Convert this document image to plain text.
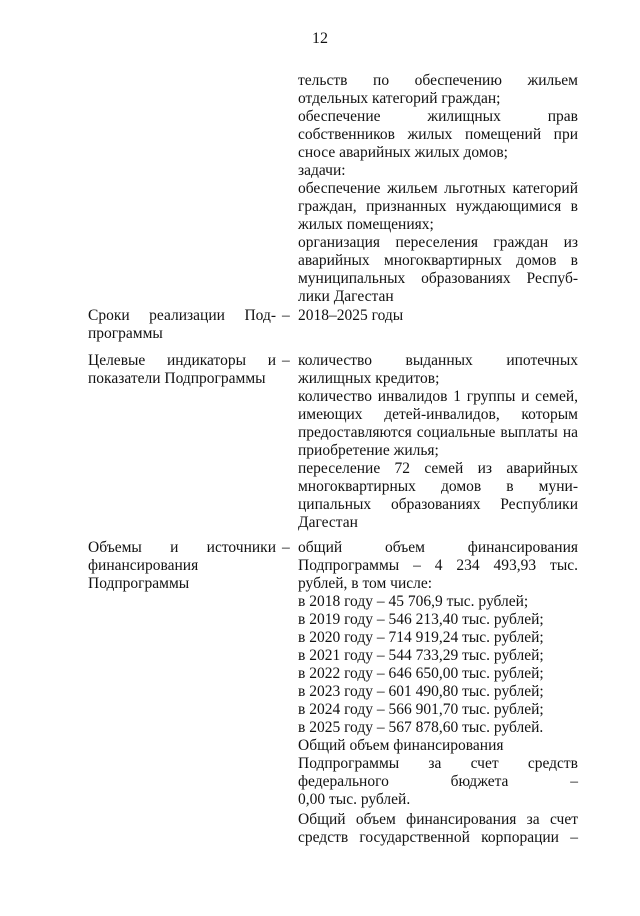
12
тельств по обеспечению жильем
отдельных категорий граждан;
обеспечение жилищных прав
собственников жилых помещений при
сносе аварийных жилых домов;
задачи:
обеспечение жильем льготных категорий
граждан, признанных нуждающимися в
жилых помещениях;
организация переселения граждан из
аварийных многоквартирных домов в
муниципальных образованиях Респуб-
лики Дагестан
Сроки реализации Под-
программы
– 2018–2025 годы
Целевые индикаторы и
показатели Подпрограммы
– количество выданных ипотечных
жилищных кредитов;
количество инвалидов 1 группы и семей,
имеющих детей-инвалидов, которым
предоставляются социальные выплаты на
приобретение жилья;
переселение 72 семей из аварийных
многоквартирных домов в муни-
ципальных образованиях Республики
Дагестан
Объемы и источники
финансирования
Подпрограммы
– общий объем финансирования
Подпрограммы – 4 234 493,93 тыс.
рублей, в том числе:
в 2018 году – 45 706,9 тыс. рублей;
в 2019 году – 546 213,40 тыс. рублей;
в 2020 году – 714 919,24 тыс. рублей;
в 2021 году – 544 733,29 тыс. рублей;
в 2022 году – 646 650,00 тыс. рублей;
в 2023 году – 601 490,80 тыс. рублей;
в 2024 году – 566 901,70 тыс. рублей;
в 2025 году – 567 878,60 тыс. рублей.
Общий объем финансирования
Подпрограммы за счет средств
федерального бюджета –
0,00 тыс. рублей.
Общий объем финансирования за счет
средств государственной корпорации –
